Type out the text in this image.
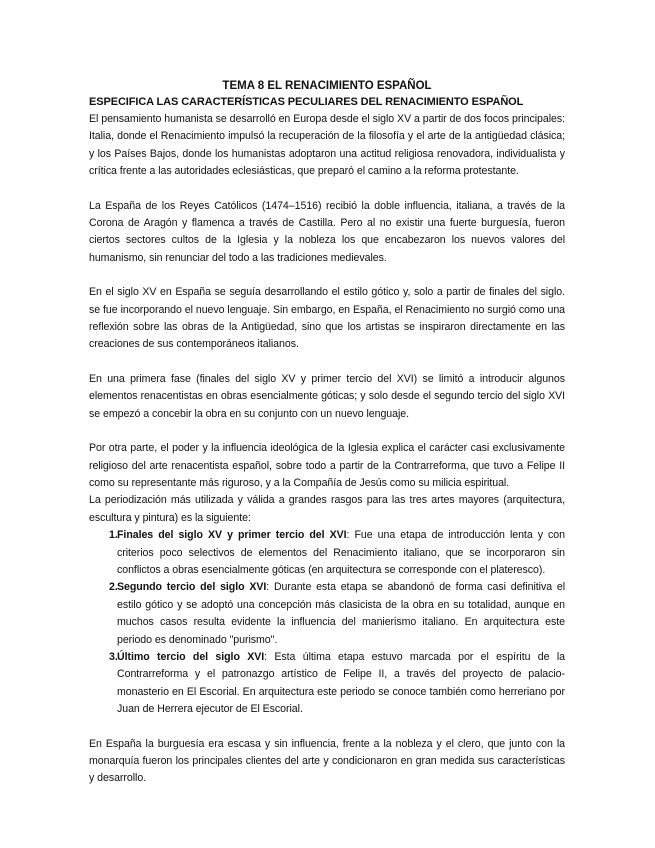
TEMA 8 EL RENACIMIENTO ESPAÑOL
ESPECIFICA LAS CARACTERÍSTICAS PECULIARES DEL RENACIMIENTO ESPAÑOL

El pensamiento humanista se desarrolló en Europa desde el siglo XV a partir de dos focos principales: Italia, donde el Renacimiento impulsó la recuperación de la filosofía y el arte de la antigüedad clásica; y los Países Bajos, donde los humanistas adoptaron una actitud religiosa renovadora, individualista y crítica frente a las autoridades eclesiásticas, que preparó el camino a la reforma protestante.

La España de los Reyes Católicos (1474–1516) recibió la doble influencia, italiana, a través de la Corona de Aragón y flamenca a través de Castilla. Pero al no existir una fuerte burguesía, fueron ciertos sectores cultos de la Iglesia y la nobleza los que encabezaron los nuevos valores del humanismo, sin renunciar del todo a las tradiciones medievales.

En el siglo XV en España se seguía desarrollando el estilo gótico y, solo a partir de finales del siglo. se fue incorporando el nuevo lenguaje. Sin embargo, en España, el Renacimiento no surgió como una reflexión sobre las obras de la Antigüedad, sino que los artistas se inspiraron directamente en las creaciones de sus contemporáneos italianos.

En una primera fase (finales del siglo XV y primer tercio del XVI) se limitó a introducir algunos elementos renacentistas en obras esencialmente góticas; y solo desde el segundo tercio del siglo XVI se empezó a concebir la obra en su conjunto con un nuevo lenguaje.

Por otra parte, el poder y la influencia ideológica de la Iglesia explica el carácter casi exclusivamente religioso del arte renacentista español, sobre todo a partir de la Contrarreforma, que tuvo a Felipe II como su representante más riguroso, y a la Compañía de Jesús como su milicia espiritual.

La periodización más utilizada y válida a grandes rasgos para las tres artes mayores (arquitectura, escultura y pintura) es la siguiente:

1. Finales del siglo XV y primer tercio del XVI: Fue una etapa de introducción lenta y con criterios poco selectivos de elementos del Renacimiento italiano, que se incorporaron sin conflictos a obras esencialmente góticas (en arquitectura se corresponde con el plateresco).
2. Segundo tercio del siglo XVI: Durante esta etapa se abandonó de forma casi definitiva el estilo gótico y se adoptó una concepción más clasicista de la obra en su totalidad, aunque en muchos casos resulta evidente la influencia del manierismo italiano. En arquitectura este periodo es denominado "purismo".
3. Último tercio del siglo XVI: Esta última etapa estuvo marcada por el espíritu de la Contrarreforma y el patronazgo artístico de Felipe II, a través del proyecto de palacio-monasterio en El Escorial. En arquitectura este periodo se conoce también como herreriano por Juan de Herrera ejecutor de El Escorial.

En España la burguesía era escasa y sin influencia, frente a la nobleza y el clero, que junto con la monarquía fueron los principales clientes del arte y condicionaron en gran medida sus características y desarrollo.
